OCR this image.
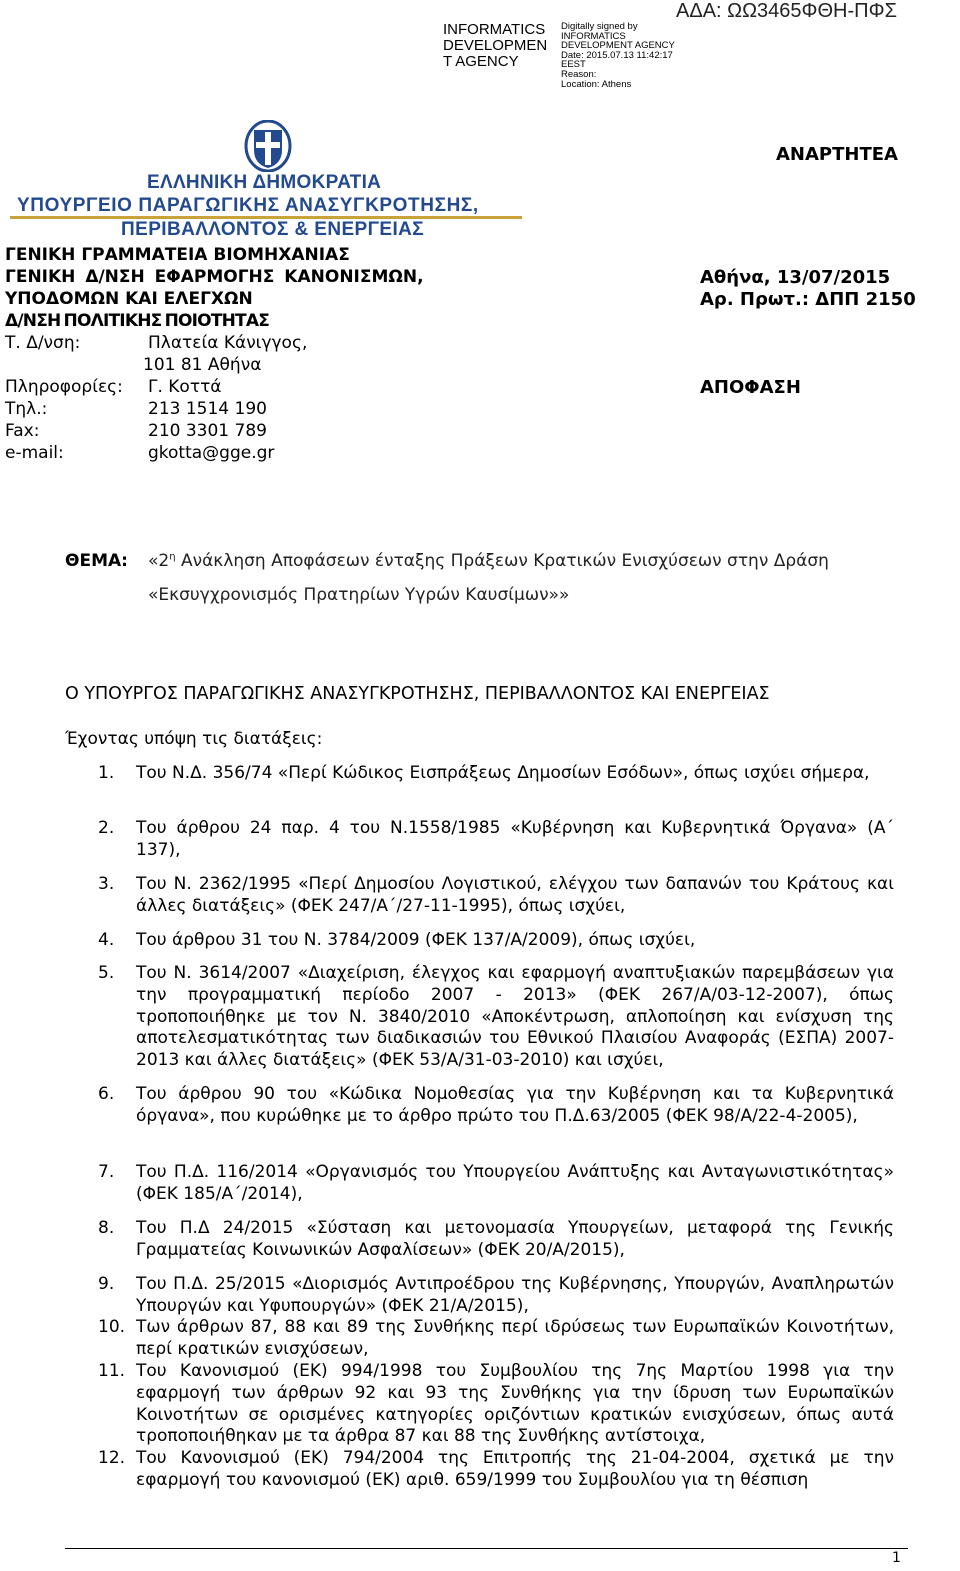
INFORMATICS DEVELOPMEN T AGENCY
Digitally signed by
INFORMATICS
DEVELOPMENT AGENCY
Date: 2015.07.13 11:42:17
EEST
Reason:
Location: Athens
ΑΔΑ: ΩΩ3465ΦΘΗ-ΠΦΣ
ΕΛΛΗΝΙΚΗ ΔΗΜΟΚΡΑΤΙΑ
ΥΠΟΥΡΓΕΙΟ ΠΑΡΑΓΩΓΙΚΗΣ ΑΝΑΣΥΓΚΡΟΤΗΣΗΣ,
ΠΕΡΙΒΑΛΛΟΝΤΟΣ & ΕΝΕΡΓΕΙΑΣ
ΑΝΑΡΤΗΤΕΑ
ΓΕΝΙΚΗ ΓΡΑΜΜΑΤΕΙΑ ΒΙΟΜΗΧΑΝΙΑΣ
ΓΕΝΙΚΗ Δ/ΝΣΗ ΕΦΑΡΜΟΓΗΣ ΚΑΝΟΝΙΣΜΩΝ,
ΥΠΟΔΟΜΩΝ ΚΑΙ ΕΛΕΓΧΩΝ
Δ/ΝΣΗ ΠΟΛΙΤΙΚΗΣ ΠΟΙΟΤΗΤΑΣ
Τ. Δ/νση:	Πλατεία Κάνιγγος,
101 81 Αθήνα
Πληροφορίες: Γ. Κοττά
Τηλ.:	213 1514 190
Fax:	210 3301 789
e-mail:	gkotta@gge.gr
Αθήνα, 13/07/2015
Αρ. Πρωτ.: ΔΠΠ 2150
ΑΠΟΦΑΣΗ
ΘΕΜΑ: «$2^\eta$ Ανάκληση Αποφάσεων ένταξης Πράξεων Κρατικών Ενισχύσεων στην Δράση
«Εκσυγχρονισμός Πρατηρίων Υγρών Καυσίμων»»
Ο ΥΠΟΥΡΓΟΣ ΠΑΡΑΓΩΓΙΚΗΣ ΑΝΑΣΥΓΚΡΟΤΗΣΗΣ, ΠΕΡΙΒΑΛΛΟΝΤΟΣ ΚΑΙ ΕΝΕΡΓΕΙΑΣ
Έχοντας υπόψη τις διατάξεις:
1.	Του Ν.Δ. 356/74 «Περί Κώδικος Εισπράξεως Δημοσίων Εσόδων», όπως ισχύει σήμερα,
2.	Του άρθρου 24 παρ. 4 του Ν.1558/1985 «Κυβέρνηση και Κυβερνητικά Όργανα» (Α΄ 137),
3.	Του Ν. 2362/1995 «Περί Δημοσίου Λογιστικού, ελέγχου των δαπανών του Κράτους και άλλες διατάξεις» (ΦΕΚ 247/Α΄/27-11-1995), όπως ισχύει,
4.	Του άρθρου 31 του Ν. 3784/2009 (ΦΕΚ 137/Α/2009), όπως ισχύει,
5.	Του Ν. 3614/2007 «Διαχείριση, έλεγχος και εφαρμογή αναπτυξιακών παρεμβάσεων για την προγραμματική περίοδο 2007 - 2013» (ΦΕΚ 267/Α/03-12-2007), όπως τροποποιήθηκε με τον Ν. 3840/2010 «Αποκέντρωση, απλοποίηση και ενίσχυση της αποτελεσματικότητας των διαδικασιών του Εθνικού Πλαισίου Αναφοράς (ΕΣΠΑ) 2007-2013 και άλλες διατάξεις» (ΦΕΚ 53/Α/31-03-2010) και ισχύει,
6.	Του άρθρου 90 του «Κώδικα Νομοθεσίας για την Κυβέρνηση και τα Κυβερνητικά όργανα», που κυρώθηκε με το άρθρο πρώτο του Π.Δ.63/2005 (ΦΕΚ 98/Α/22-4-2005),
7.	Του Π.Δ. 116/2014 «Οργανισμός του Υπουργείου Ανάπτυξης και Ανταγωνιστικότητας» (ΦΕΚ 185/Α΄/2014),
8.	Του Π.Δ 24/2015 «Σύσταση και μετονομασία Υπουργείων, μεταφορά της Γενικής Γραμματείας Κοινωνικών Ασφαλίσεων» (ΦΕΚ 20/Α/2015),
9.	Του Π.Δ. 25/2015 «Διορισμός Αντιπροέδρου της Κυβέρνησης, Υπουργών, Αναπληρωτών Υπουργών και Υφυπουργών» (ΦΕΚ 21/Α/2015),
10. Των άρθρων 87, 88 και 89 της Συνθήκης περί ιδρύσεως των Ευρωπαϊκών Κοινοτήτων, περί κρατικών ενισχύσεων,
11. Του Κανονισμού (ΕΚ) 994/1998 του Συμβουλίου της 7ης Μαρτίου 1998 για την εφαρμογή των άρθρων 92 και 93 της Συνθήκης για την ίδρυση των Ευρωπαϊκών Κοινοτήτων σε ορισμένες κατηγορίες οριζόντιων κρατικών ενισχύσεων, όπως αυτά τροποποιήθηκαν με τα άρθρα 87 και 88 της Συνθήκης αντίστοιχα,
12. Του Κανονισμού (ΕΚ) 794/2004 της Επιτροπής της 21-04-2004, σχετικά με την εφαρμογή του κανονισμού (ΕΚ) αριθ. 659/1999 του Συμβουλίου για τη θέσπιση
1
